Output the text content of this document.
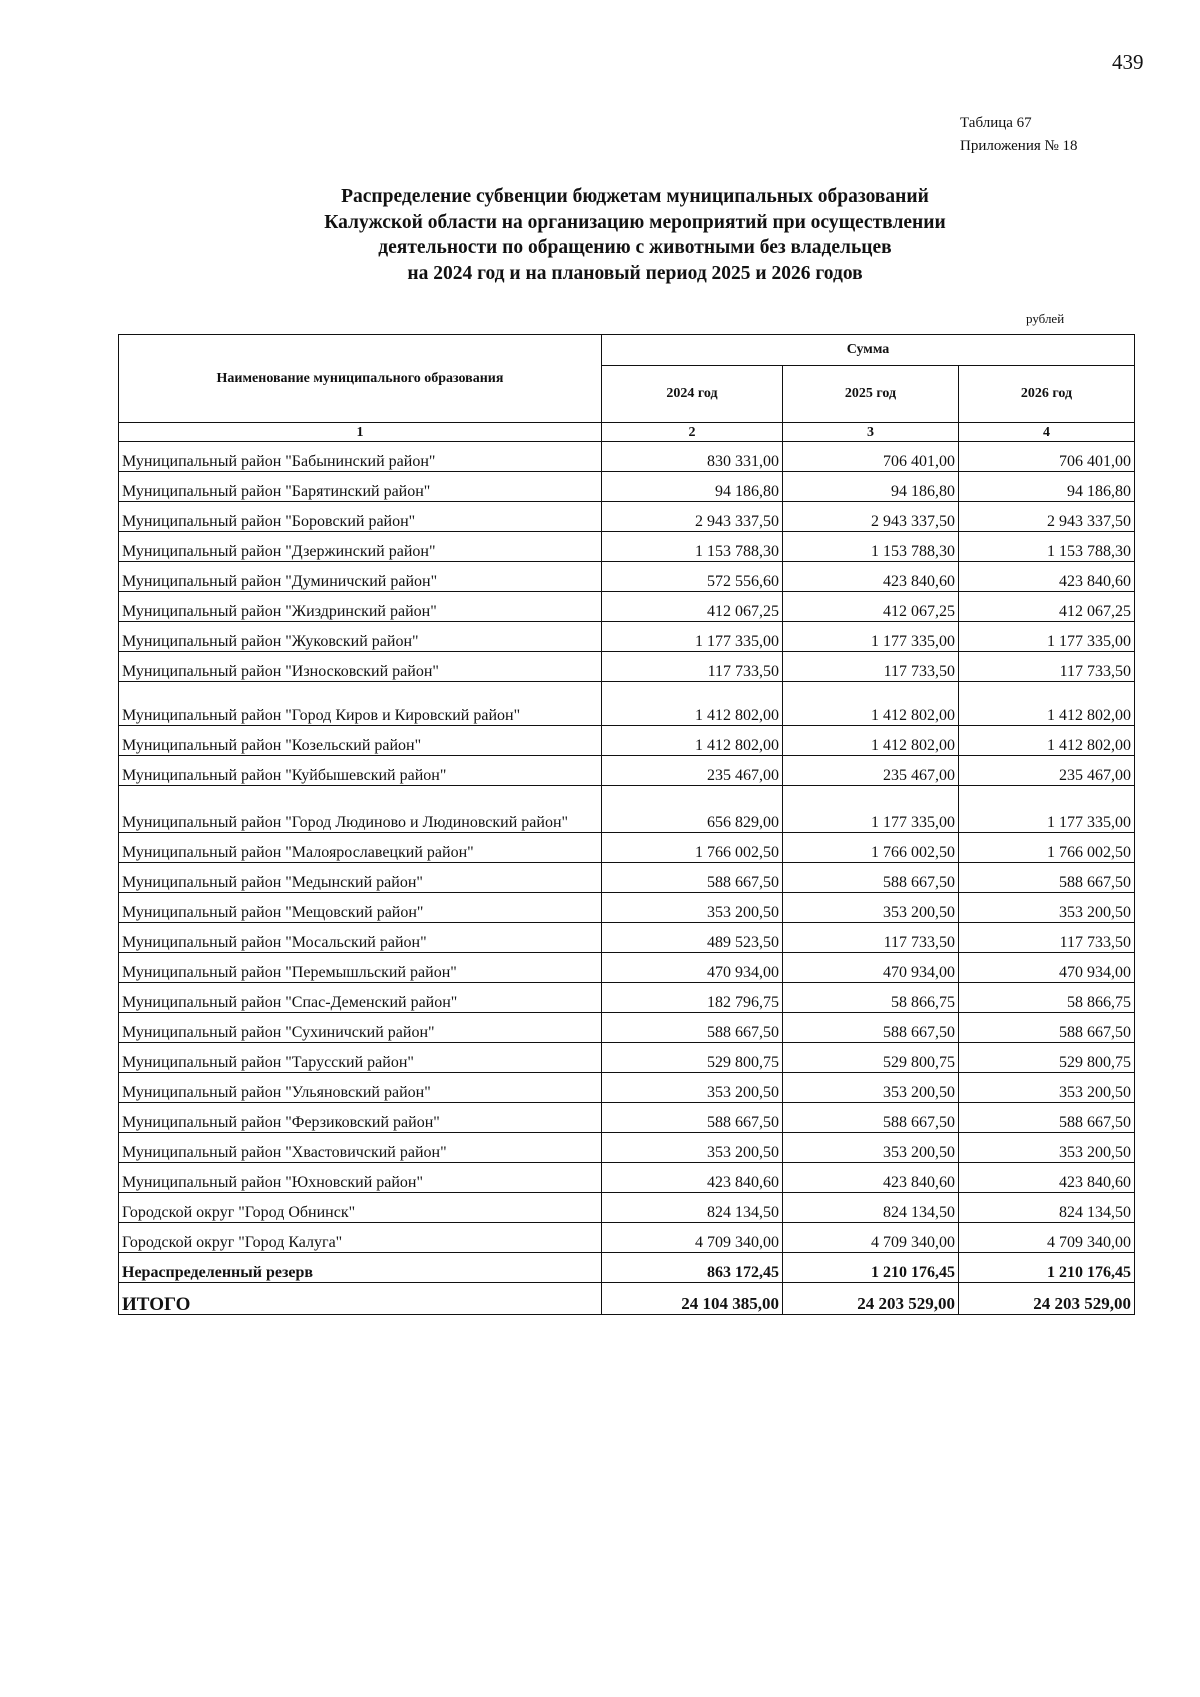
439
Таблица 67
Приложения № 18
Распределение субвенции бюджетам муниципальных образований
Калужской области на организацию мероприятий при осуществлении
деятельности по обращению с животными без владельцев
на 2024 год и на плановый период 2025 и 2026 годов
рублей
Наименование муниципального образования	Сумма		
	2024 год	2025 год	2026 год
1	2	3	4
Муниципальный район "Бабынинский район"	830 331,00	706 401,00	706 401,00
Муниципальный район "Барятинский район"	94 186,80	94 186,80	94 186,80
Муниципальный район "Боровский район"	2 943 337,50	2 943 337,50	2 943 337,50
Муниципальный район "Дзержинский район"	1 153 788,30	1 153 788,30	1 153 788,30
Муниципальный район "Думиничский район"	572 556,60	423 840,60	423 840,60
Муниципальный район "Жиздринский район"	412 067,25	412 067,25	412 067,25
Муниципальный район "Жуковский район"	1 177 335,00	1 177 335,00	1 177 335,00
Муниципальный район "Износковский район"	117 733,50	117 733,50	117 733,50
Муниципальный район "Город Киров и Кировский район"	1 412 802,00	1 412 802,00	1 412 802,00
Муниципальный район "Козельский район"	1 412 802,00	1 412 802,00	1 412 802,00
Муниципальный район "Куйбышевский район"	235 467,00	235 467,00	235 467,00
Муниципальный район "Город Людиново и Людиновский район"	656 829,00	1 177 335,00	1 177 335,00
Муниципальный район "Малоярославецкий район"	1 766 002,50	1 766 002,50	1 766 002,50
Муниципальный район "Медынский район"	588 667,50	588 667,50	588 667,50
Муниципальный район "Мещовский район"	353 200,50	353 200,50	353 200,50
Муниципальный район "Мосальский район"	489 523,50	117 733,50	117 733,50
Муниципальный район "Перемышльский район"	470 934,00	470 934,00	470 934,00
Муниципальный район "Спас-Деменский район"	182 796,75	58 866,75	58 866,75
Муниципальный район "Сухиничский район"	588 667,50	588 667,50	588 667,50
Муниципальный район "Тарусский район"	529 800,75	529 800,75	529 800,75
Муниципальный район "Ульяновский район"	353 200,50	353 200,50	353 200,50
Муниципальный район "Ферзиковский район"	588 667,50	588 667,50	588 667,50
Муниципальный район "Хвастовичский район"	353 200,50	353 200,50	353 200,50
Муниципальный район "Юхновский район"	423 840,60	423 840,60	423 840,60
Городской округ "Город Обнинск"	824 134,50	824 134,50	824 134,50
Городской округ "Город Калуга"	4 709 340,00	4 709 340,00	4 709 340,00
Нераспределенный резерв	863 172,45	1 210 176,45	1 210 176,45
ИТОГО	24 104 385,00	24 203 529,00	24 203 529,00
